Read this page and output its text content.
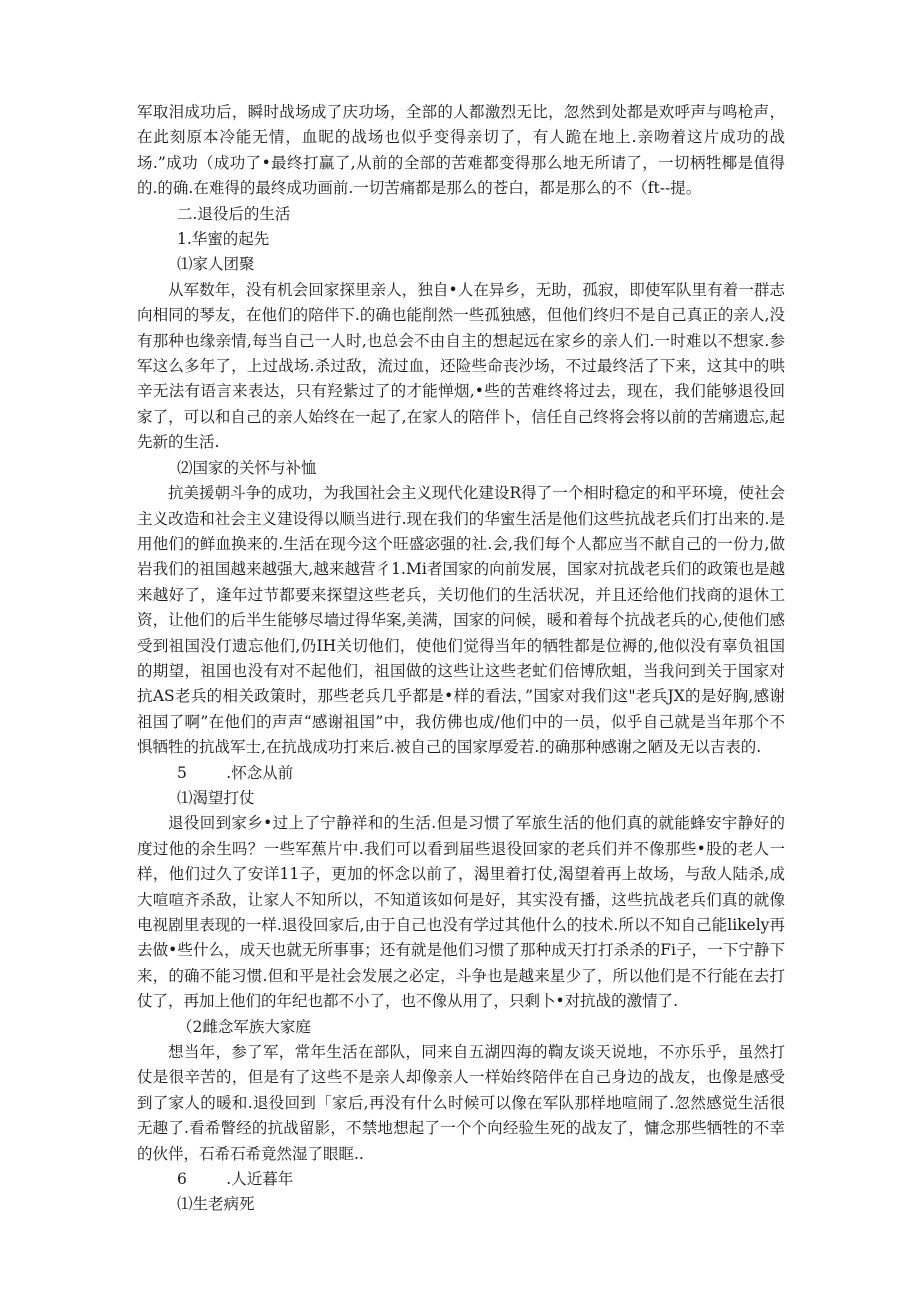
军取泪成功后，瞬时战场成了庆功场，全部的人都激烈无比，忽然到处都是欢呼声与鸣枪声，在此刻原本冷能无情，血昵的战场也似乎变得亲切了，有人跪在地上.亲吻着这片成功的战场.”成功（成功了•最终打赢了,从前的全部的苦难都变得那么地无所请了，一切柄牲椰是值得的.的确.在难得的最终成功画前.一切苦痛都是那么的苍白，都是那么的不（ft--提。

二.退役后的生活

1.华蜜的起先

⑴家人团聚

从军数年，没有机会回家探里亲人，独自•人在异乡，无助，孤寂，即使军队里有着一群志向相同的琴友，在他们的陪伴下.的确也能削然一些孤独感，但他们终归不是自己真正的亲人,没有那种也缘亲情,每当自己一人时,也总会不由自主的想起远在家乡的亲人们.一时难以不想家.参军这么多年了，上过战场.杀过敌，流过血，还险些命丧沙场，不过最终活了下来，这其中的哄辛无法有语言来表达，只有羟紫过了的才能惮烟,•些的苦难终将过去，现在，我们能够退役回家了，可以和自己的亲人始终在一起了,在家人的陪伴卜，信任自己终将会将以前的苦痛遗忘,起先新的生活.

⑵国家的关怀与补恤

抗美援朝斗争的成功，为我国社会主义现代化建设R得了一个相时稳定的和平环境，使社会主义改造和社会主义建设得以顺当进行.现在我们的华蜜生活是他们这些抗战老兵们打出来的.是用他们的鲜血换来的.生活在现今这个旺盛宓强的社.会,我们每个人都应当不献自己的一份力,做岩我们的祖国越来越强大,越来越营彳1.Mi者国家的向前发展，国家对抗战老兵们的政策也是越来越好了，逢年过节都要来探望这些老兵，关切他们的生活状况，并且还给他们找商的退休工资，让他们的后半生能够尽墙过得华案,美满，国家的问候，暖和着每个抗战老兵的心,使他们感受到祖国没仃遗忘他们,仍IH关切他们，使他们觉得当年的牺牲都是位褥的,他似没有辜负祖国的期望，祖国也没有对不起他们，祖国做的这些让这些老虻们倍博欣蛆，当我问到关于国家对抗AS老兵的相关政策时，那些老兵几乎都是•样的看法，”国家对我们这"老兵JX的是好胸,感谢祖国了啊”在他们的声声“感谢祖国”中，我仿佛也成/他们中的一员，似乎自己就是当年那个不惧牺牲的抗战军士,在抗战成功打来后.被自己的国家厚爱若.的确那种感谢之陋及无以吉表的.

5        .怀念从前

⑴渴望打仗

退役回到家乡•过上了宁静祥和的生活.但是习惯了军旅生活的他们真的就能蜂安宇静好的度过他的余生吗？一些军蕉片中.我们可以看到届些退役回家的老兵们并不像那些•股的老人一样，他们过久了安详11子，更加的怀念以前了，渴里着打仗,渴望着再上故场，与敌人陆杀,成大喧喧齐杀敌，让家人不知所以，不知道该如何是好，其实没有播，这些抗战老兵们真的就像电视剧里表现的一样.退役回家后,由于自己也没有学过其他什么的技术.所以不知自己能likely再去做•些什么，成天也就无所事事；还有就是他们习惯了那种成天打打杀杀的Fi子，一下宁静下来，的确不能习惯.但和平是社会发展之必定，斗争也是越来星少了，所以他们是不行能在去打仗了，再加上他们的年纪也都不小了，也不像从用了，只剩卜•对抗战的激情了.

（2雌念军族大家庭

想当年，参了军，常年生活在部队，同来自五湖四海的鞫友谈天说地，不亦乐乎，虽然打仗是很辛苦的，但是有了这些不是亲人却像亲人一样始终陪伴在自己身边的战友，也像是感受到了家人的暖和.退役回到「家后,再没有什么时候可以像在军队那样地喧闹了.忽然感觉生活很无趣了.看希瞥经的抗战留影，不禁地想起了一个个向经验生死的战友了，慵念那些牺牲的不幸的伙伴，石希石希竟然湿了眼眶..

6        .人近暮年

⑴生老病死
